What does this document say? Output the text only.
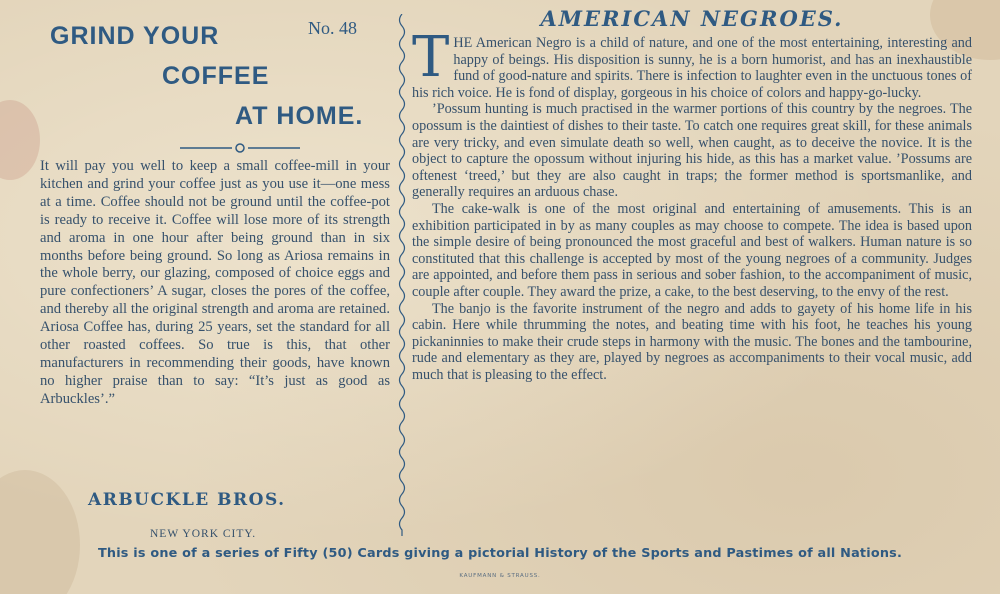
GRIND YOUR	No. 48
COFFEE
AT HOME.
It will pay you well to keep a small coffee-mill in your kitchen and grind your coffee just as you use it—one mess at a time. Coffee should not be ground until the coffee-pot is ready to receive it. Coffee will lose more of its strength and aroma in one hour after being ground than in six months before being ground. So long as Ariosa remains in the whole berry, our glazing, composed of choice eggs and pure confectioners’ A sugar, closes the pores of the coffee, and thereby all the original strength and aroma are retained. Ariosa Coffee has, during 25 years, set the standard for all other roasted coffees. So true is this, that other manufacturers in recommending their goods, have known no higher praise than to say: “It’s just as good as Arbuckles’.”
ARBUCKLE BROS.
NEW YORK CITY.
AMERICAN NEGROES.

THE American Negro is a child of nature, and one of the most entertaining, interesting and happy of beings. His disposition is sunny, he is a born humorist, and has an inexhaustible fund of good-nature and spirits. There is infection to laughter even in the unctuous tones of his rich voice. He is fond of display, gorgeous in his choice of colors and happy-go-lucky.

’Possum hunting is much practised in the warmer portions of this country by the negroes. The opossum is the daintiest of dishes to their taste. To catch one requires great skill, for these animals are very tricky, and even simulate death so well, when caught, as to deceive the novice. It is the object to capture the opossum without injuring his hide, as this has a market value. ’Possums are oftenest ‘treed,’ but they are also caught in traps; the former method is sportsmanlike, and generally requires an arduous chase.

The cake-walk is one of the most original and entertaining of amusements. This is an exhibition participated in by as many couples as may choose to compete. The idea is based upon the simple desire of being pronounced the most graceful and best of walkers. Human nature is so constituted that this challenge is accepted by most of the young negroes of a community. Judges are appointed, and before them pass in serious and sober fashion, to the accompaniment of music, couple after couple. They award the prize, a cake, to the best deserving, to the envy of the rest.

The banjo is the favorite instrument of the negro and adds to gayety of his home life in his cabin. Here while thrumming the notes, and beating time with his foot, he teaches his young pickaninnies to make their crude steps in harmony with the music. The bones and the tambourine, rude and elementary as they are, played by negroes as accompaniments to their vocal music, add much that is pleasing to the effect.

This is one of a series of Fifty (50) Cards giving a pictorial History of the Sports and Pastimes of all Nations.
KAUFMANN & STRAUSS.
